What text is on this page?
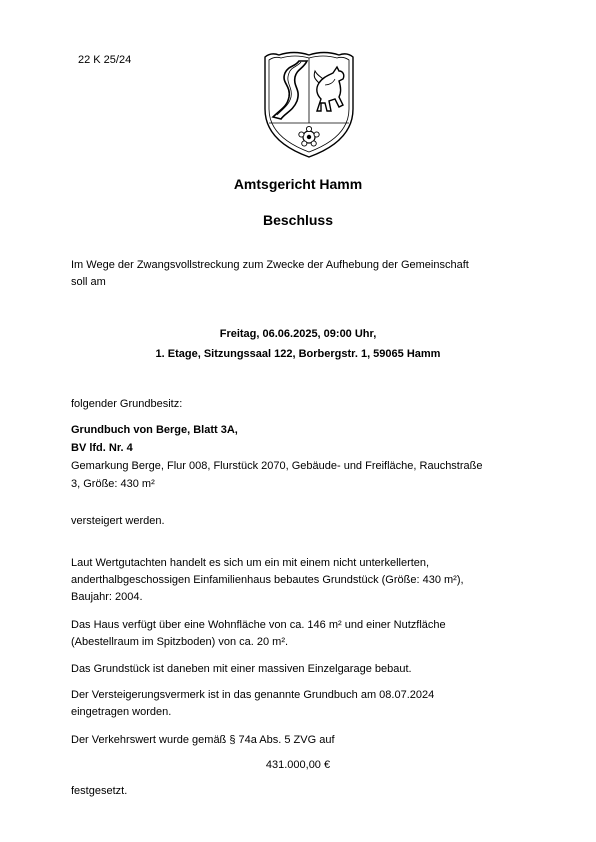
22 K 25/24
Amtsgericht Hamm
Beschluss
Im Wege der Zwangsvollstreckung zum Zwecke der Aufhebung der Gemeinschaft
soll am
Freitag, 06.06.2025, 09:00 Uhr,
1. Etage, Sitzungssaal 122, Borbergstr. 1, 59065 Hamm
folgender Grundbesitz:
Grundbuch von Berge, Blatt 3A,
BV lfd. Nr. 4
Gemarkung Berge, Flur 008, Flurstück 2070, Gebäude- und Freifläche, Rauchstraße
3, Größe: 430 m²
versteigert werden.
Laut Wertgutachten handelt es sich um ein mit einem nicht unterkellerten,
anderthalbgeschossigen Einfamilienhaus bebautes Grundstück (Größe: 430 m²),
Baujahr: 2004.
Das Haus verfügt über eine Wohnfläche von ca. 146 m² und einer Nutzfläche
(Abestellraum im Spitzboden) von ca. 20 m².
Das Grundstück ist daneben mit einer massiven Einzelgarage bebaut.
Der Versteigerungsvermerk ist in das genannte Grundbuch am 08.07.2024
eingetragen worden.
Der Verkehrswert wurde gemäß § 74a Abs. 5 ZVG auf
431.000,00 €
festgesetzt.
